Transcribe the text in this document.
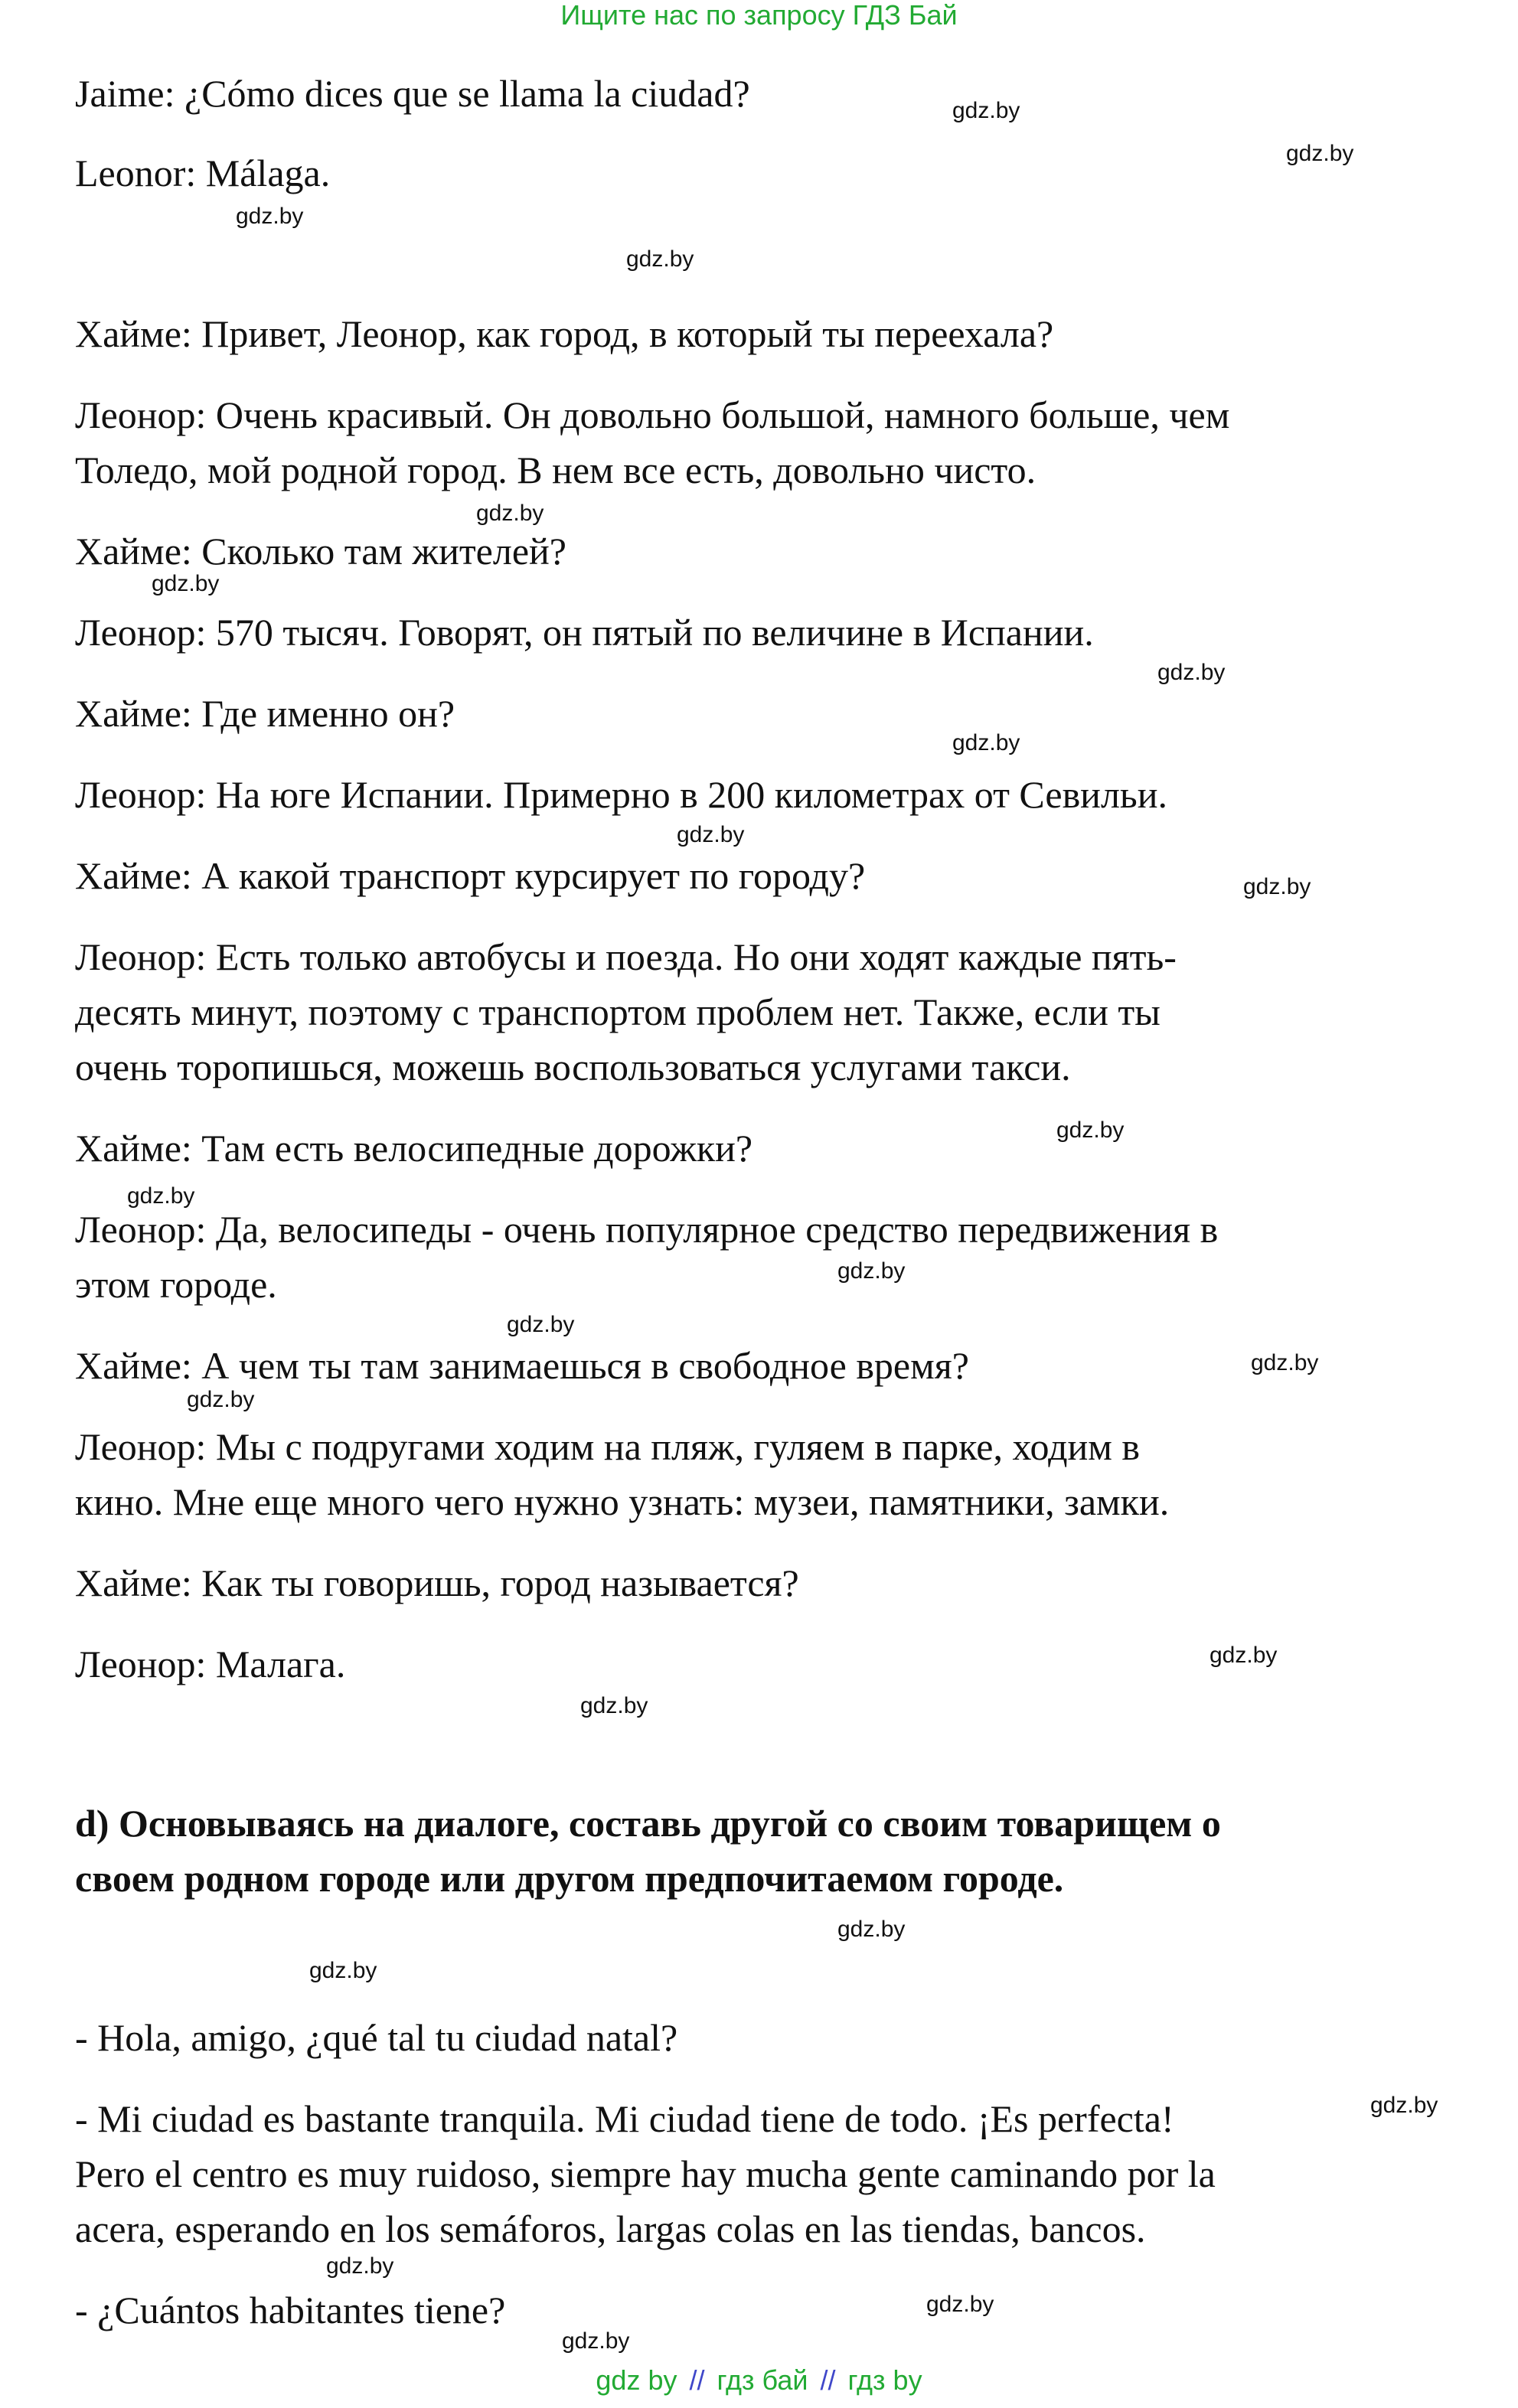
Ищите нас по запросу ГДЗ Бай
Jaime: ¿Cómo dices que se llama la ciudad?
Leonor: Málaga.
Хайме: Привет, Леонор, как город, в который ты переехала?
Леонор: Очень красивый. Он довольно большой, намного больше, чем
Толедо, мой родной город. В нем все есть, довольно чисто.
Хайме: Сколько там жителей?
Леонор: 570 тысяч. Говорят, он пятый по величине в Испании.
Хайме: Где именно он?
Леонор: На юге Испании. Примерно в 200 километрах от Севильи.
Хайме: А какой транспорт курсирует по городу?
Леонор: Есть только автобусы и поезда. Но они ходят каждые пять-
десять минут, поэтому с транспортом проблем нет. Также, если ты
очень торопишься, можешь воспользоваться услугами такси.
Хайме: Там есть велосипедные дорожки?
Леонор: Да, велосипеды - очень популярное средство передвижения в
этом городе.
Хайме: А чем ты там занимаешься в свободное время?
Леонор: Мы с подругами ходим на пляж, гуляем в парке, ходим в
кино. Мне еще много чего нужно узнать: музеи, памятники, замки.
Хайме: Как ты говоришь, город называется?
Леонор: Малага.
d) Основываясь на диалоге, составь другой со своим товарищем о
своем родном городе или другом предпочитаемом городе.
- Hola, amigo, ¿qué tal tu ciudad natal?
- Mi ciudad es bastante tranquila. Mi ciudad tiene de todo. ¡Es perfecta!
Pero el centro es muy ruidoso, siempre hay mucha gente caminando por la
acera, esperando en los semáforos, largas colas en las tiendas, bancos.
- ¿Cuántos habitantes tiene?
gdz.by
gdz.by
gdz.by
gdz.by
gdz.by
gdz.by
gdz.by
gdz.by
gdz.by
gdz.by
gdz.by
gdz.by
gdz.by
gdz.by
gdz.by
gdz.by
gdz.by
gdz.by
gdz.by
gdz.by
gdz.by
gdz.by
gdz.by
gdz.by
gdz by // гдз бай // гдз by
